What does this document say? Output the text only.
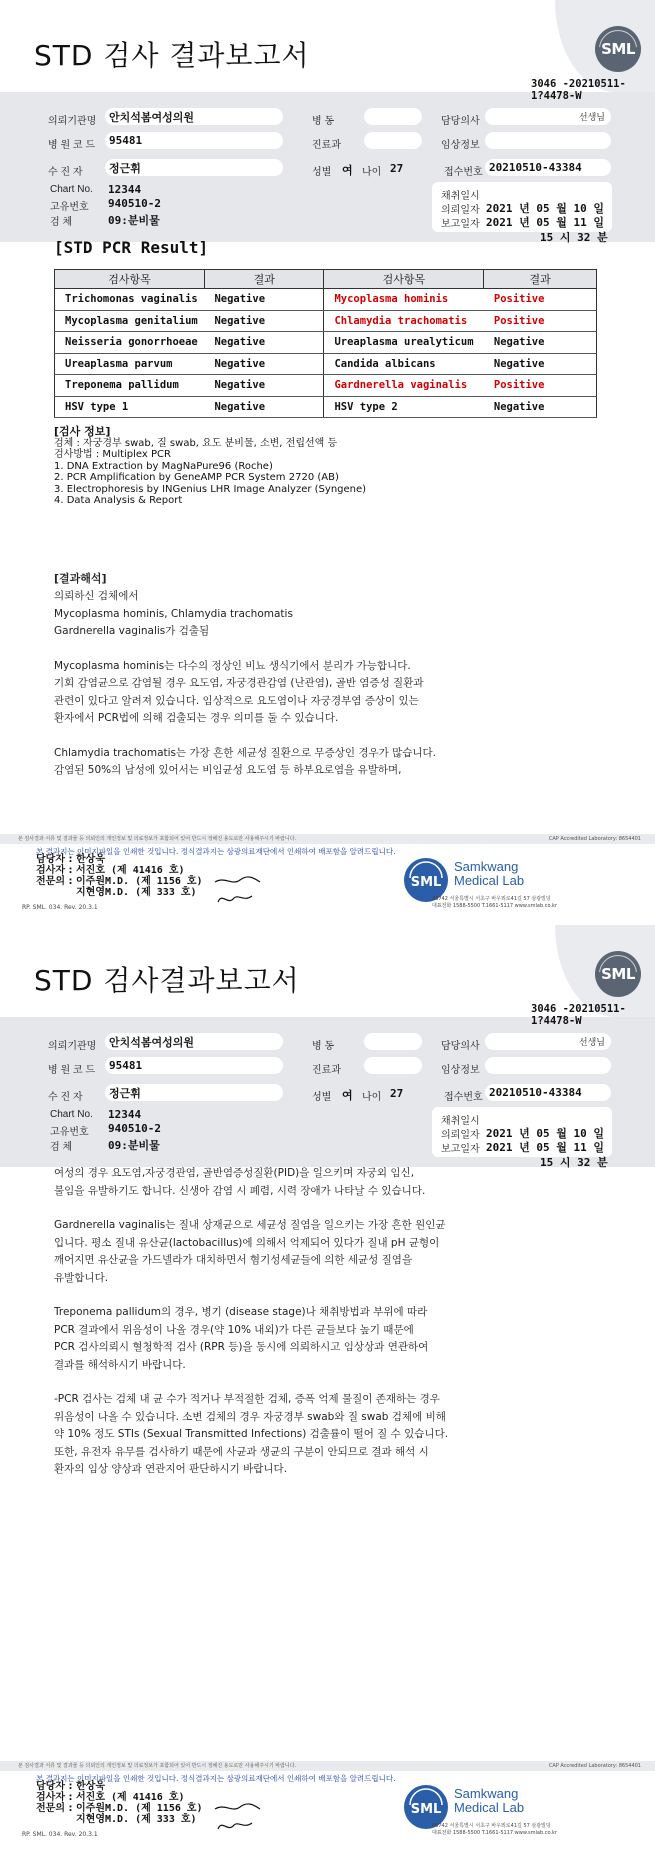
STD 검사 결과보고서	SML
의뢰기관명	안치석봄여성의원	병 동	담당의사	선생님
병 원 코 드	95481	진료과	임상정보
수 진 자	정근휘	성별 여 나이 27	접수번호 20210510-43384
Chart No. 12344
고유번호 940510-2
검 체	09:분비물
채취일시
의뢰일자 2021 년 05 월 10 일
보고일자 2021 년 05 월 11 일
3046 -20210511-
1?4478-W
15 시 32 분
[STD PCR Result]
검사항목	결과	검사항목	결과
Trichomonas vaginalis	Negative	Mycoplasma hominis	Positive
Mycoplasma genitalium	Negative	Chlamydia trachomatis	Positive
Neisseria gonorrhoeae	Negative	Ureaplasma urealyticum	Negative
Ureaplasma parvum	Negative	Candida albicans	Negative
Treponema pallidum	Negative	Gardnerella vaginalis	Positive
HSV type 1	Negative	HSV type 2	Negative
[검사 정보]
검체 : 자궁경부 swab, 질 swab, 요도 분비물, 소변, 전립선액 등
검사방법 : Multiplex PCR
1. DNA Extraction by MagNaPure96 (Roche)
2. PCR Amplification by GeneAMP PCR System 2720 (AB)
3. Electrophoresis by INGenius LHR Image Analyzer (Syngene)
4. Data Analysis & Report
[결과해석]

의뢰하신 검체에서
Mycoplasma hominis, Chlamydia trachomatis
Gardnerella vaginalis가 검출됨

Mycoplasma hominis는 다수의 정상인 비뇨 생식기에서 분리가 가능합니다.
기회 감염균으로 감염될 경우 요도염, 자궁경관감염 (난관염), 골반 염증성 질환과
관련이 있다고 알려져 있습니다. 임상적으로 요도염이나 자궁경부염 증상이 있는
환자에서 PCR법에 의해 검출되는 경우 의미를 둘 수 있습니다.

Chlamydia trachomatis는 가장 흔한 세균성 질환으로 무증상인 경우가 많습니다.
감염된 50%의 남성에 있어서는 비임균성 요도염 등 하부요로염을 유발하며,

본 검사결과 서류 및 결과물 등 의뢰인의 개인정보 및 의료정보가 포함되어 있어 반드시 정해진 용도로만 사용해주시기 바랍니다.	CAP Accredited Laboratory: 8654401
본 결과지는 이미지파일을 인쇄한 것입니다. 정식결과지는 삼광의료재단에서 인쇄하여 배포함을 알려드립니다.
담당자 : 한상욱
검사자 : 서진호 (제 41416 호)
전문의 : 이주원M.D. (제 1156 호)
지현영M.D. (제 333 호)
RP. SML. 034. Rev. 20.3.1
SML
Samkwang
Medical Lab
06742 서울특별시 서초구 바우뫼로41길 57 삼광빌딩
대표전화 1588-5500 T.1661-5117 www.smlab.co.kr
STD 검사결과보고서	SML
의뢰기관명	안치석봄여성의원	병 동	담당의사	선생님
병 원 코 드	95481	진료과	임상정보
수 진 자	정근휘	성별 여 나이 27	접수번호 20210510-43384
Chart No. 12344
고유번호 940510-2
검 체	09:분비물
채취일시
의뢰일자 2021 년 05 월 10 일
보고일자 2021 년 05 월 11 일
3046 -20210511-
1?4478-W
15 시 32 분

여성의 경우 요도염,자궁경관염, 골반염증성질환(PID)을 일으키며 자궁외 임신,
불임을 유발하기도 합니다. 신생아 감염 시 폐렴, 시력 장애가 나타날 수 있습니다.

Gardnerella vaginalis는 질내 상재균으로 세균성 질염을 일으키는 가장 흔한 원인균
입니다. 평소 질내 유산균(lactobacillus)에 의해서 억제되어 있다가 질내 pH 균형이
깨어지면 유산균을 가드넬라가 대치하면서 혐기성세균들에 의한 세균성 질염을
유발합니다.

Treponema pallidum의 경우, 병기 (disease stage)나 채취방법과 부위에 따라
PCR 결과에서 위음성이 나올 경우(약 10% 내외)가 다른 균들보다 높기 때문에
PCR 검사의뢰시 혈청학적 검사 (RPR 등)을 동시에 의뢰하시고 임상상과 연관하여
결과를 해석하시기 바랍니다.

-PCR 검사는 검체 내 균 수가 적거나 부적절한 검체, 증폭 억제 물질이 존재하는 경우
위음성이 나올 수 있습니다. 소변 검체의 경우 자궁경부 swab와 질 swab 검체에 비해
약 10% 정도 STIs (Sexual Transmitted Infections) 검출률이 떨어 질 수 있습니다.
또한, 유전자 유무를 검사하기 때문에 사균과 생균의 구분이 안되므로 결과 해석 시
환자의 임상 양상과 연관지어 판단하시기 바랍니다.

본 검사결과 서류 및 결과물 등 의뢰인의 개인정보 및 의료정보가 포함되어 있어 반드시 정해진 용도로만 사용해주시기 바랍니다.	CAP Accredited Laboratory: 8654401
본 결과지는 이미지파일을 인쇄한 것입니다. 정식결과지는 삼광의료재단에서 인쇄하여 배포함을 알려드립니다.
담당자 : 한상욱
검사자 : 서진호 (제 41416 호)
전문의 : 이주원M.D. (제 1156 호)
지현영M.D. (제 333 호)
RP. SML. 034. Rev. 20.3.1
SML
Samkwang
Medical Lab
06742 서울특별시 서초구 바우뫼로41길 57 삼광빌딩
대표전화 1588-5500 T.1661-5117 www.smlab.co.kr
